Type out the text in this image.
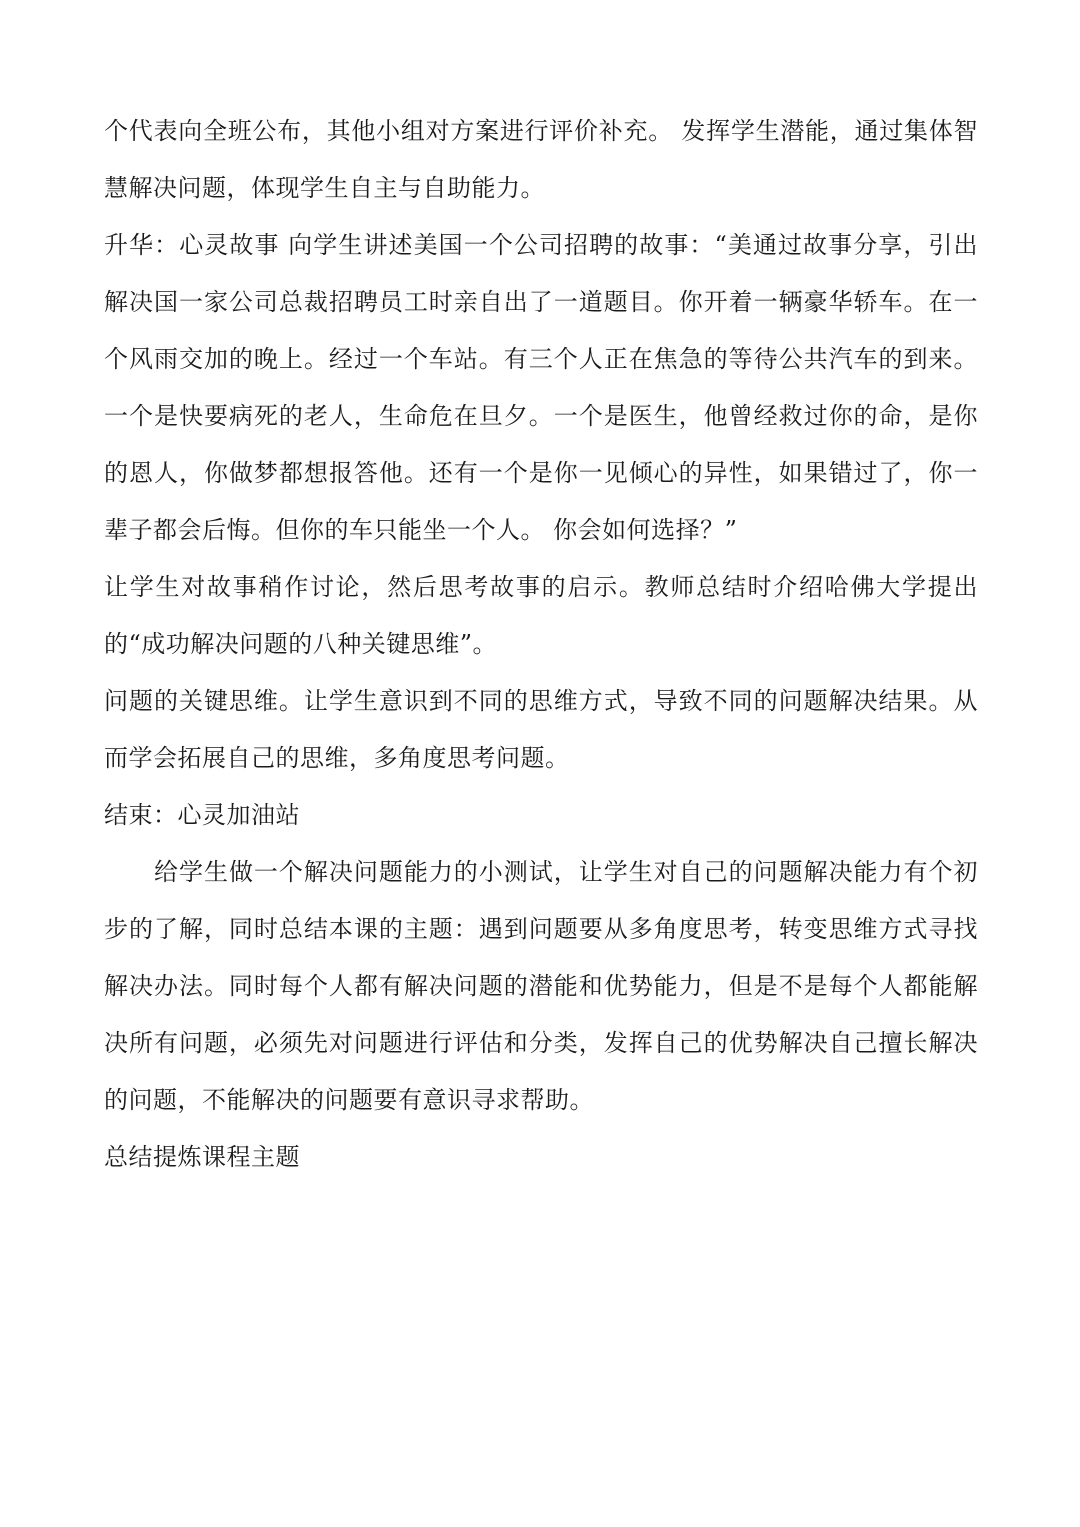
个代表向全班公布，其他小组对方案进行评价补充。 发挥学生潜能，通过集体智慧解决问题，体现学生自主与自助能力。

升华：心灵故事 向学生讲述美国一个公司招聘的故事：“美通过故事分享，引出解决国一家公司总裁招聘员工时亲自出了一道题目。你开着一辆豪华轿车。在一个风雨交加的晚上。经过一个车站。有三个人正在焦急的等待公共汽车的到来。一个是快要病死的老人，生命危在旦夕。一个是医生，他曾经救过你的命，是你的恩人，你做梦都想报答他。还有一个是你一见倾心的异性，如果错过了，你一辈子都会后悔。但你的车只能坐一个人。 你会如何选择？”

让学生对故事稍作讨论，然后思考故事的启示。教师总结时介绍哈佛大学提出的“成功解决问题的八种关键思维”。

问题的关键思维。让学生意识到不同的思维方式，导致不同的问题解决结果。从而学会拓展自己的思维，多角度思考问题。

结束：心灵加油站

给学生做一个解决问题能力的小测试，让学生对自己的问题解决能力有个初步的了解，同时总结本课的主题：遇到问题要从多角度思考，转变思维方式寻找解决办法。同时每个人都有解决问题的潜能和优势能力，但是不是每个人都能解决所有问题，必须先对问题进行评估和分类，发挥自己的优势解决自己擅长解决的问题，不能解决的问题要有意识寻求帮助。

总结提炼课程主题
